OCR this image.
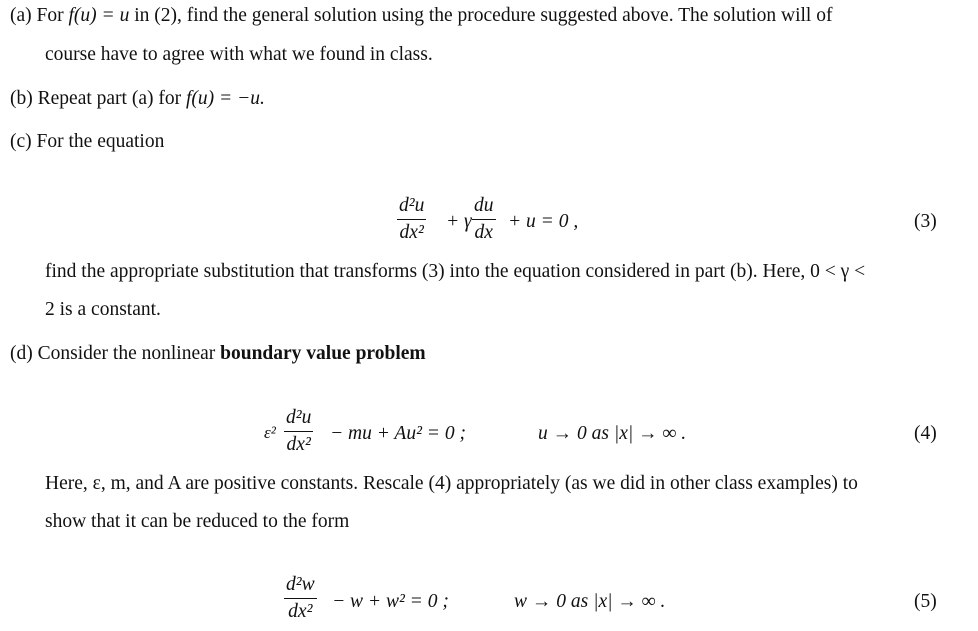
(a) For f(u) = u in (2), find the general solution using the procedure suggested above. The solution will of
course have to agree with what we found in class.
(b) Repeat part (a) for f(u) = −u.
(c) For the equation
$\frac{\text{d²u}}{\text{dx²}} + \gamma \frac{du}{dx} + u = 0$ ,	(3)
find the appropriate substitution that transforms (3) into the equation considered in part (b). Here, 0 < γ <
2 is a constant.
(d) Consider the nonlinear boundary value problem
$\varepsilon^2 \frac{\text{d²u}}{\text{dx²}}$ − mu + Au² = 0 ;	u → 0 as |x| → ∞ .	(4)
Here, ε, m, and A are positive constants. Rescale (4) appropriately (as we did in other class examples) to
show that it can be reduced to the form
$\frac{\text{d²w}}{\text{dx²}} - w + w^2 = 0$ ;	w → 0 as |x| → ∞ .	(5)
